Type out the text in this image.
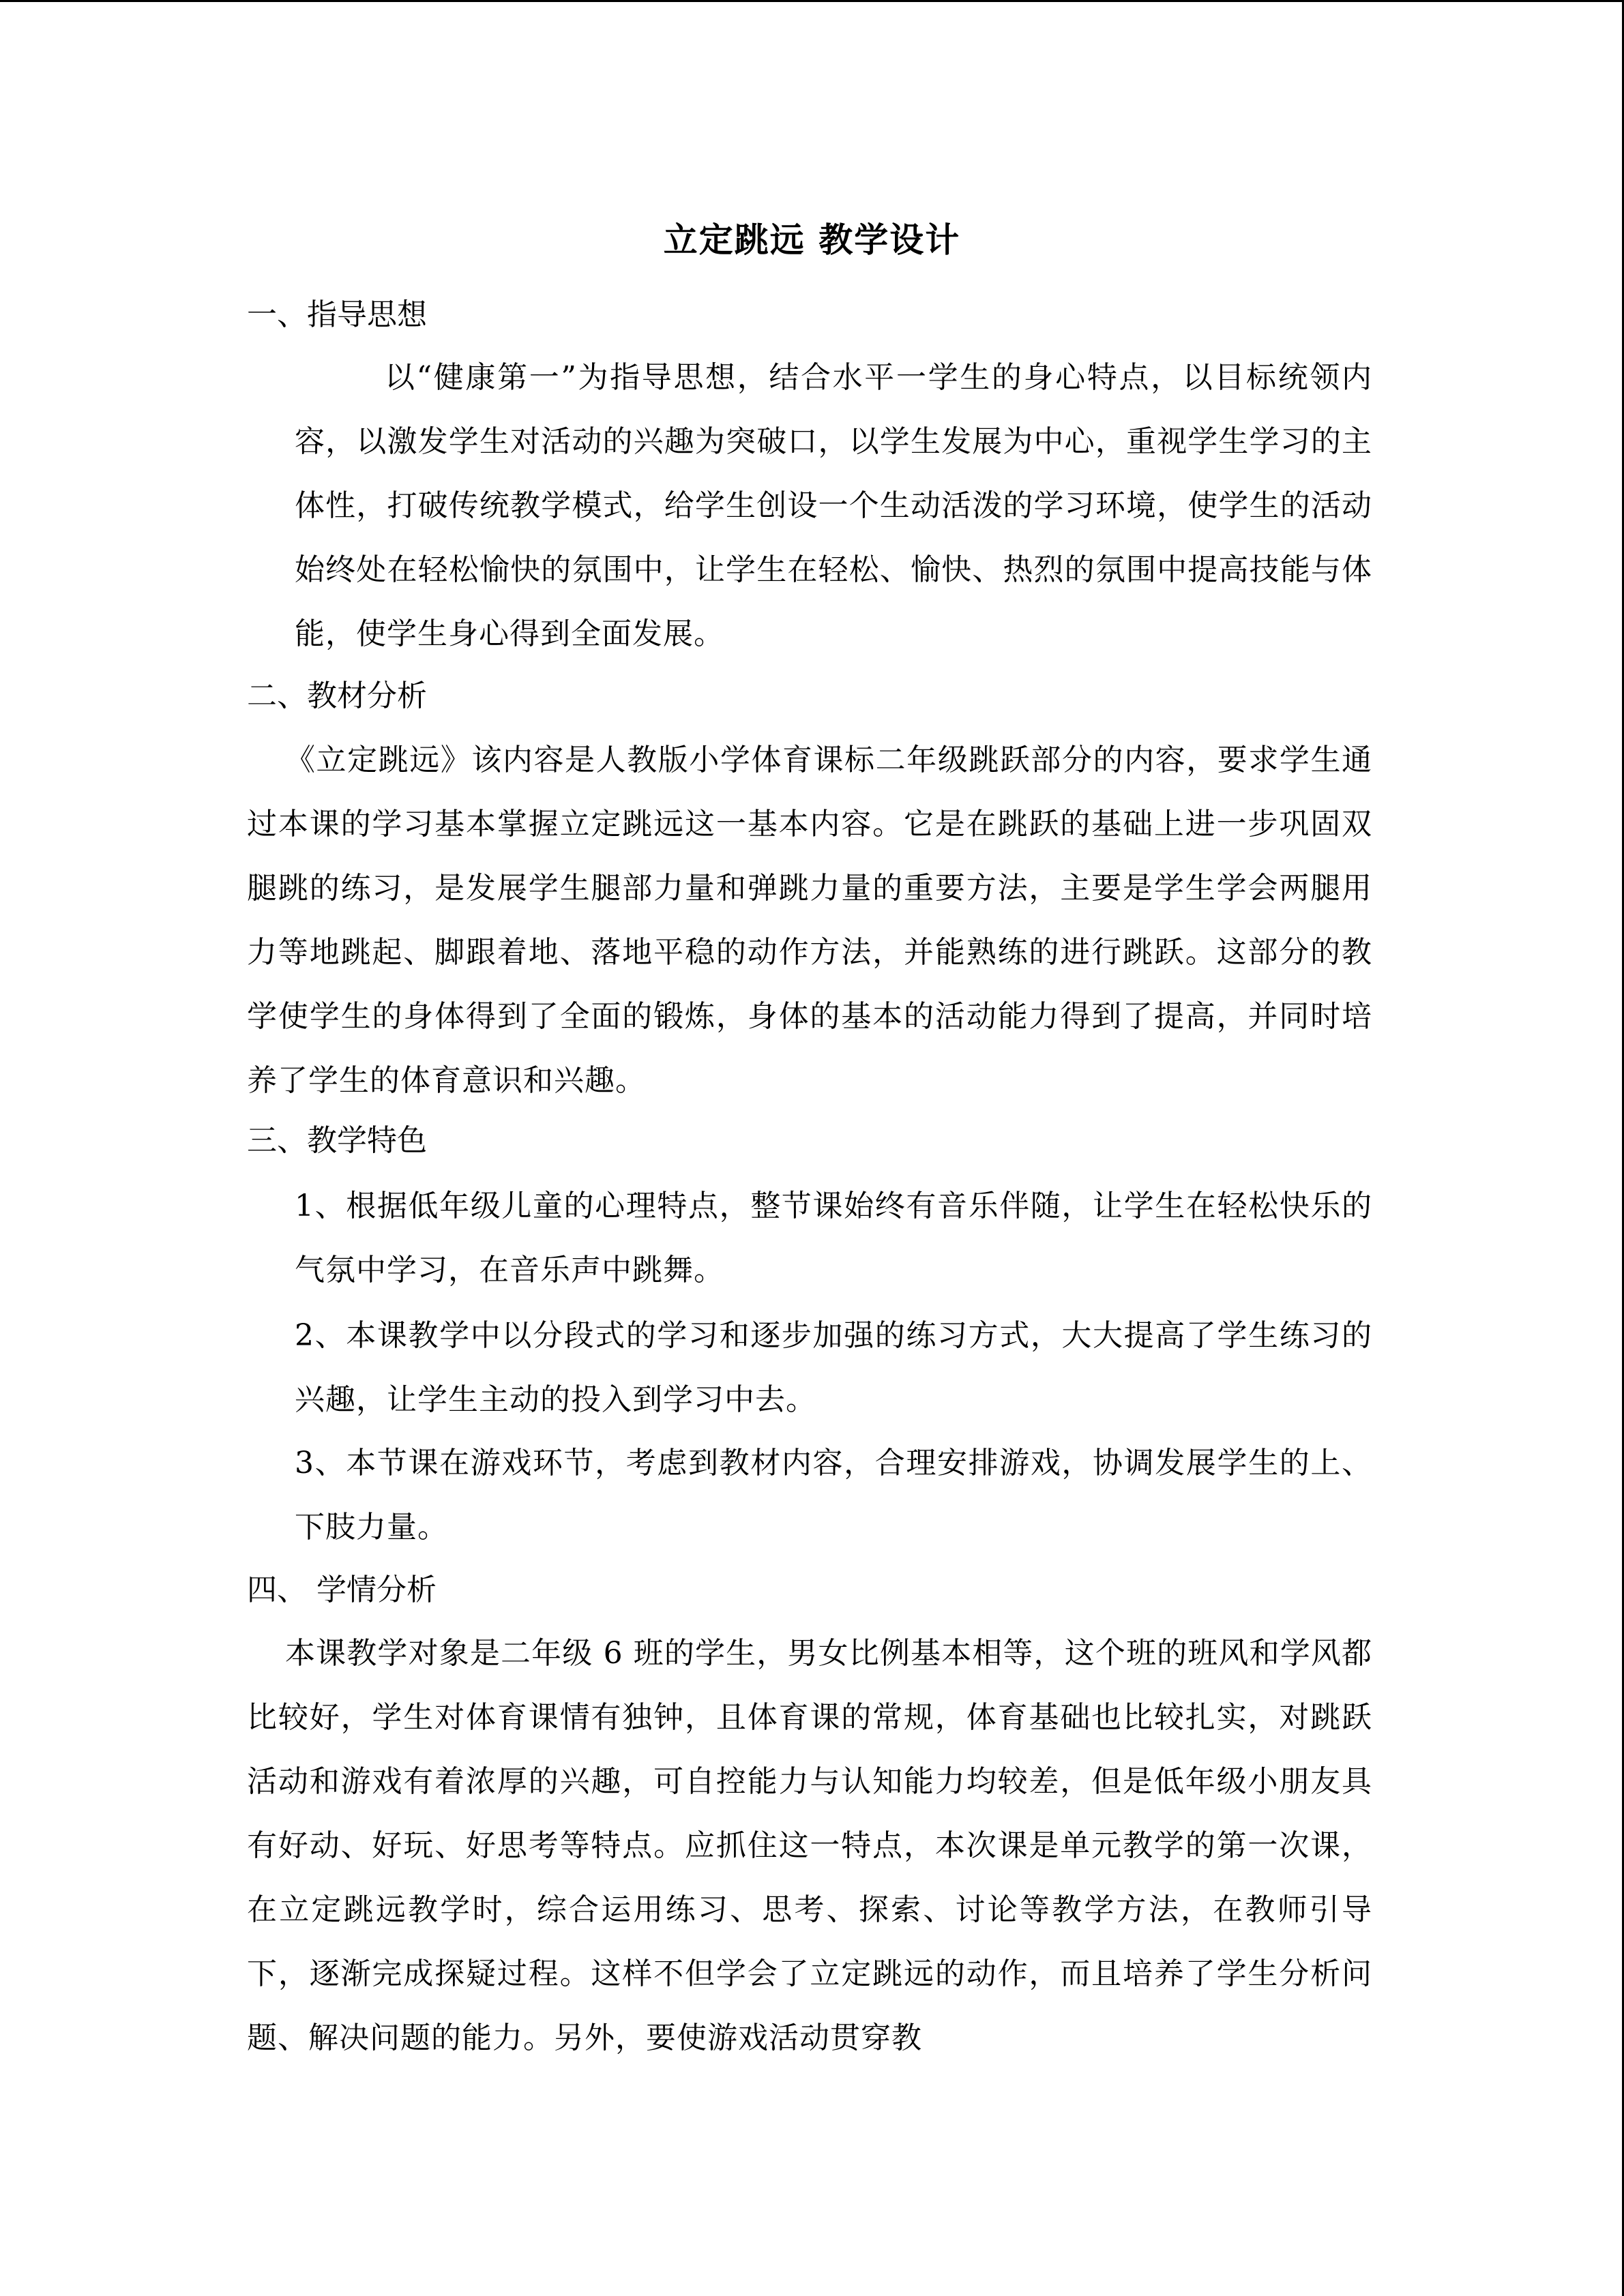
立定跳远 教学设计
一、指导思想
以“健康第一”为指导思想，结合水平一学生的身心特点，以目标统领内容，以激发学生对活动的兴趣为突破口，以学生发展为中心，重视学生学习的主体性，打破传统教学模式，给学生创设一个生动活泼的学习环境，使学生的活动始终处在轻松愉快的氛围中，让学生在轻松、愉快、热烈的氛围中提高技能与体能，使学生身心得到全面发展。
二、教材分析
《立定跳远》该内容是人教版小学体育课标二年级跳跃部分的内容，要求学生通过本课的学习基本掌握立定跳远这一基本内容。它是在跳跃的基础上进一步巩固双腿跳的练习，是发展学生腿部力量和弹跳力量的重要方法，主要是学生学会两腿用力等地跳起、脚跟着地、落地平稳的动作方法，并能熟练的进行跳跃。这部分的教学使学生的身体得到了全面的锻炼，身体的基本的活动能力得到了提高，并同时培养了学生的体育意识和兴趣。
三、教学特色
1、根据低年级儿童的心理特点，整节课始终有音乐伴随，让学生在轻松快乐的气氛中学习，在音乐声中跳舞。
2、本课教学中以分段式的学习和逐步加强的练习方式，大大提高了学生练习的兴趣，让学生主动的投入到学习中去。
3、本节课在游戏环节，考虑到教材内容，合理安排游戏，协调发展学生的上、下肢力量。
四、 学情分析
本课教学对象是二年级 6 班的学生，男女比例基本相等，这个班的班风和学风都比较好，学生对体育课情有独钟，且体育课的常规，体育基础也比较扎实，对跳跃活动和游戏有着浓厚的兴趣，可自控能力与认知能力均较差，但是低年级小朋友具有好动、好玩、好思考等特点。应抓住这一特点，本次课是单元教学的第一次课，在立定跳远教学时，综合运用练习、思考、探索、讨论等教学方法，在教师引导下，逐渐完成探疑过程。这样不但学会了立定跳远的动作，而且培养了学生分析问题、解决问题的能力。另外，要使游戏活动贯穿教
